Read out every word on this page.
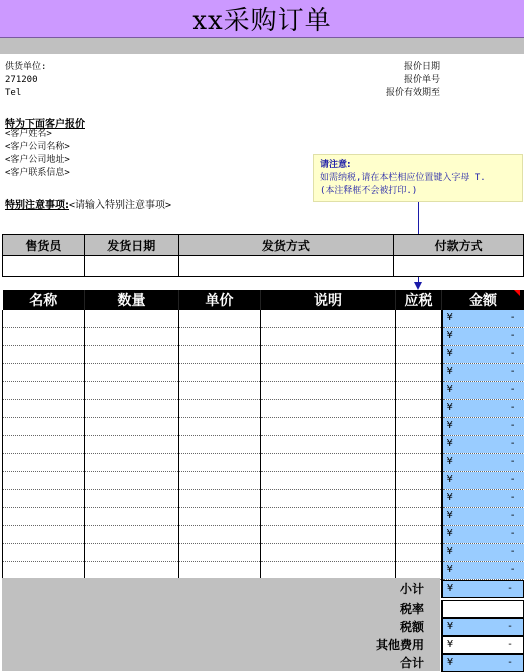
xx采购订单
供货单位:
271200
Tel
报价日期
报价单号
报价有效期至
特为下面客户报价
<客户姓名>
<客户公司名称>
<客户公司地址>
<客户联系信息>
特别注意事项:<请输入特别注意事项>
请注意:
如需纳税,请在本栏相应位置键入字母 T.
(本注释框不会被打印.)
售货员	发货日期	发货方式	付款方式

名称	数量	单价	说明	应税	金额

					¥ -

					¥ -

					¥ -

					¥ -

					¥ -

					¥ -

					¥ -

					¥ -

					¥ -

					¥ -

					¥ -

					¥ -

					¥ -

					¥ -

					¥ -
小计 ¥	-
税率
税额 ¥	-
其他费用 ¥	-
合计 ¥	-
